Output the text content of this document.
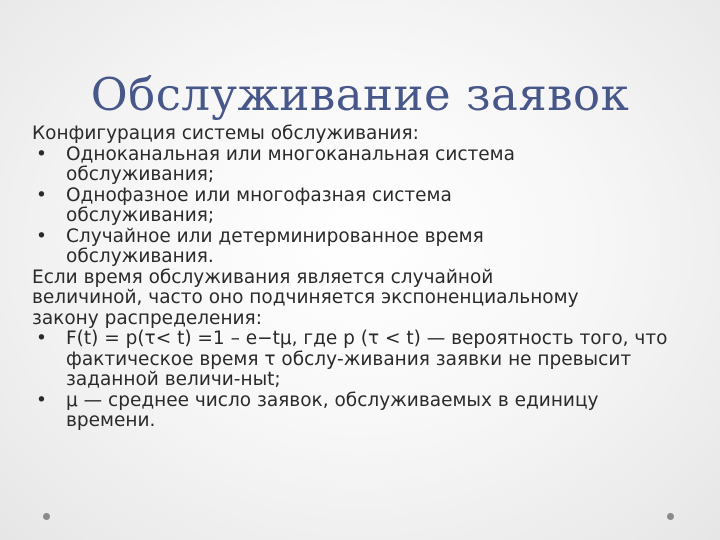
Обслуживание заявок

Конфигурация системы обслуживания:

• Одноканальная или многоканальная система обслуживания;
• Однофазное или многофазная система обслуживания;
• Случайное или детерминированное время обслуживания.

Если время обслуживания является случайной

величиной, часто оно подчиняется экспоненциальному

закону распределения:

• F(t) = p(τ< t) =1 – e−tμ, где p (τ < t) — вероятность того, что фактическое время τ обслу-живания заявки не превысит заданной величи-ныt;
• μ — среднее число заявок, обслуживаемых в единицу времени.
